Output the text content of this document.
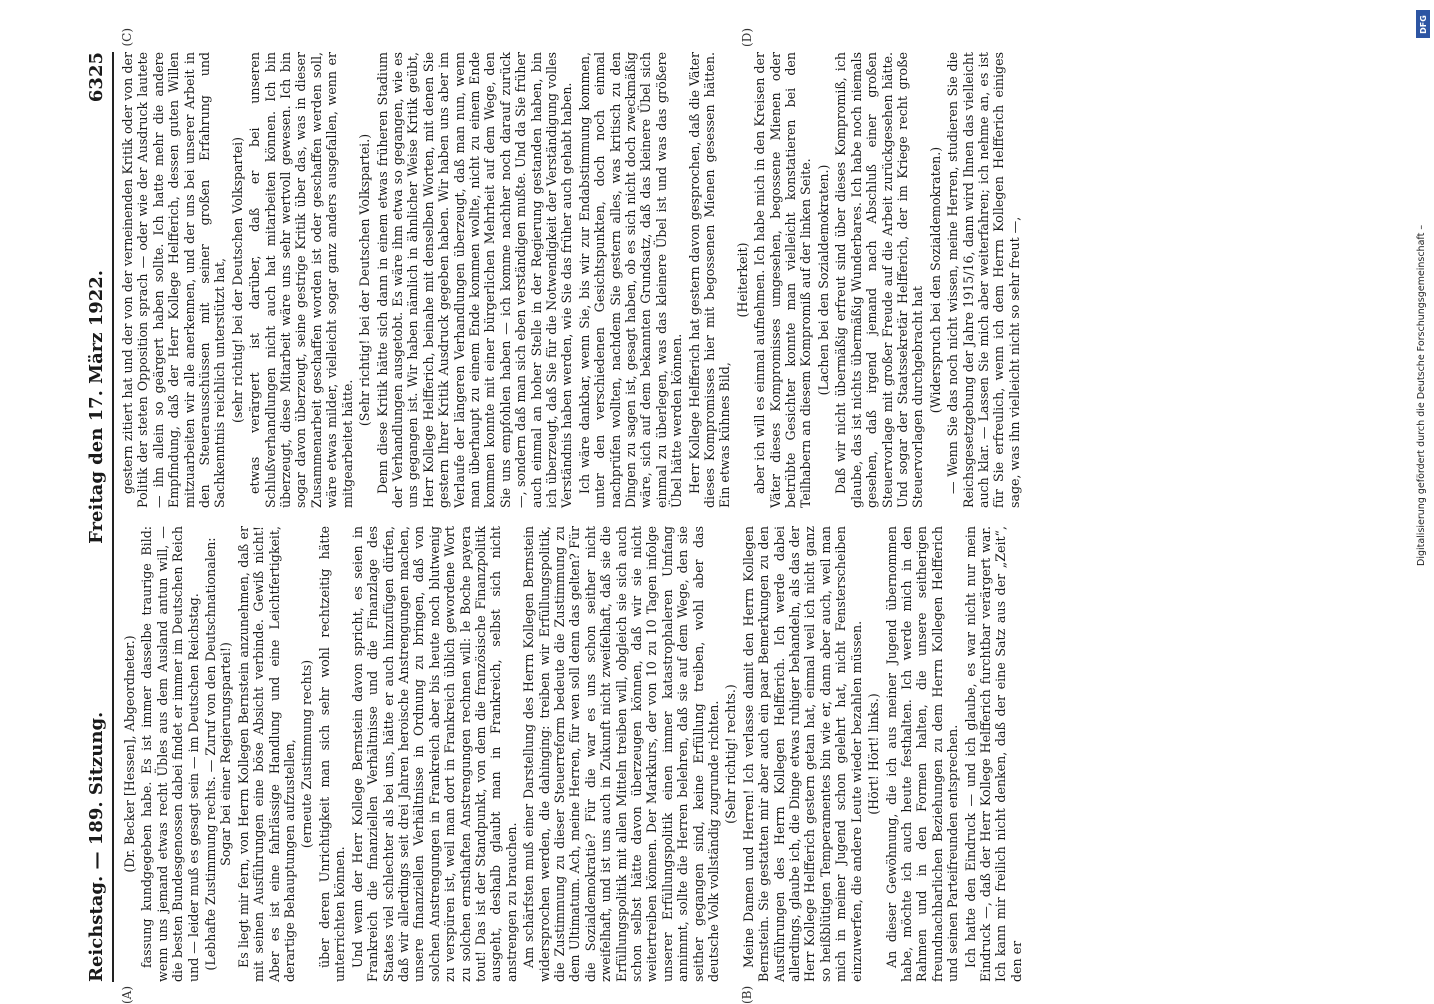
Reichstag. — 189. Sitzung.
Freitag den 17. März 1922.
6325
(A)	(B)

(Dr. Becker [Hessen], Abgeordneter.) fassung kundgegeben habe. Es ist immer dasselbe traurige Bild: wenn uns jemand etwas recht Übles aus dem Ausland antun will, — die besten Bundesgenossen dabei findet er immer im Deutschen Reich und — leider muß es gesagt sein — im Deutschen Reichstag. (Lebhafte Zustimmung rechts. — Zuruf von den Deutschnationalen: Sogar bei einer Regierungspartei!) Es liegt mir fern, von Herrn Kollegen Bernstein anzunehmen, daß er mit seinen Ausführungen eine böse Absicht verbinde. Gewiß nicht! Aber es ist eine fahrlässige Handlung und eine Leichtfertigkeit, derartige Behauptungen aufzustellen, (erneute Zustimmung rechts) über deren Unrichtigkeit man sich sehr wohl rechtzeitig hätte unterrichten können. Und wenn der Herr Kollege Bernstein davon spricht, es seien in Frankreich die finanziellen Verhältnisse und die Finanzlage des Staates viel schlechter als bei uns, hätte er auch hinzufügen dürfen, daß wir allerdings seit drei Jahren heroische Anstrengungen machen, unsere finanziellen Verhältnisse in Ordnung zu bringen, daß von solchen Anstrengungen in Frankreich aber bis heute noch blutwenig zu verspüren ist, weil man dort in Frankreich üblich gewordene Wort zu solchen ernsthaften Anstrengungen rechnen will: le Boche payera tout! Das ist der Standpunkt, von dem die französische Finanzpolitik ausgeht, deshalb glaubt man in Frankreich, selbst sich nicht anstrengen zu brauchen. Am schärfsten muß einer Darstellung des Herrn Kollegen Bernstein widersprochen werden, die dahinging: treiben wir Erfüllungspolitik, die Zustimmung zu dieser Steuerreform bedeute die Zustimmung zu dem Ultimatum. Ach, meine Herren, für wen soll denn das gelten? Für die Sozialdemokratie? Für die war es uns schon seither nicht zweifelhaft, und ist uns auch in Zukunft nicht zweifelhaft, daß sie die Erfüllungspolitik mit allen Mitteln treiben will, obgleich sie sich auch schon selbst hätte davon überzeugen können, daß wir sie nicht weitertreiben können. Der Markkurs, der von 10 zu 10 Tagen infolge unserer Erfüllungspolitik einen immer katastrophaleren Umfang annimmt, sollte die Herren belehren, daß sie auf dem Wege, den sie seither gegangen sind, keine Erfüllung treiben, wohl aber das deutsche Volk vollständig zugrunde richten. (Sehr richtig! rechts.) Meine Damen und Herren! Ich verlasse damit den Herrn Kollegen Bernstein. Sie gestatten mir aber auch ein paar Bemerkungen zu den Ausführungen des Herrn Kollegen Helfferich. Ich werde dabei allerdings, glaube ich, die Dinge etwas ruhiger behandeln, als das der Herr Kollege Helfferich gestern getan hat, einmal weil ich nicht ganz so heißblütigen Temperamentes bin wie er, dann aber auch, weil man mich in meiner Jugend schon gelehrt hat, nicht Fensterscheiben einzuwerfen, die andere Leute wieder bezahlen müssen. (Hört! Hört! links.) An dieser Gewöhnung, die ich aus meiner Jugend übernommen habe, möchte ich auch heute festhalten. Ich werde mich in den Rahmen und in den Formen halten, die unsere seitherigen freundnachbarlichen Beziehungen zu dem Herrn Kollegen Helfferich und seinen Parteifreunden entsprechen. Ich hatte den Eindruck — und ich glaube, es war nicht nur mein Eindruck —, daß der Herr Kollege Helfferich furchtbar verärgert war. Ich kann mir freilich nicht denken, daß der eine Satz aus der „Zeit“, den er

(C)	(D)

gestern zitiert hat und der von der verneinenden Kritik oder von der Politik der steten Opposition sprach — oder wie der Ausdruck lautete — ihn allein so geärgert haben sollte. Ich hatte mehr die andere Empfindung, daß der Herr Kollege Helfferich, dessen guten Willen mitzuarbeiten wir alle anerkennen, und der uns bei unserer Arbeit in den Steuerausschüssen mit seiner großen Erfahrung und Sachkenntnis reichlich unterstützt hat, (sehr richtig! bei der Deutschen Volkspartei) etwas verärgert ist darüber, daß er bei unseren Schlußverhandlungen nicht auch hat mitarbeiten können. Ich bin überzeugt, diese Mitarbeit wäre uns sehr wertvoll gewesen. Ich bin sogar davon überzeugt, seine gestrige Kritik über das, was in dieser Zusammenarbeit geschaffen worden ist oder geschaffen werden soll, wäre etwas milder, vielleicht sogar ganz anders ausgefallen, wenn er mitgearbeitet hätte.

(Sehr richtig! bei der Deutschen Volkspartei.) Denn diese Kritik hätte sich dann in einem etwas früheren Stadium der Verhandlungen ausgetobt. Es wäre ihm etwa so gegangen, wie es uns gegangen ist. Wir haben nämlich in ähnlicher Weise Kritik geübt, Herr Kollege Helfferich, beinahe mit denselben Worten, mit denen Sie gestern Ihrer Kritik Ausdruck gegeben haben. Wir haben uns aber im Verlaufe der längeren Verhandlungen überzeugt, daß man nun, wenn man überhaupt zu einem Ende kommen wollte, nicht zu einem Ende kommen konnte mit einer bürgerlichen Mehrheit auf dem Wege, den Sie uns empfohlen haben — ich komme nachher noch darauf zurück —, sondern daß man sich eben verständigen mußte. Und da Sie früher auch einmal an hoher Stelle in der Regierung gestanden haben, bin ich überzeugt, daß Sie für die Notwendigkeit der Verständigung volles Verständnis haben werden, wie Sie das früher auch gehabt haben. Ich wäre dankbar, wenn Sie, bis wir zur Endabstimmung kommen, unter den verschiedenen Gesichtspunkten, doch noch einmal nachprüfen wollten, nachdem Sie gestern alles, was kritisch zu den Dingen zu sagen ist, gesagt haben, ob es sich nicht doch zweckmäßig wäre, sich auf dem bekannten Grundsatz, daß das kleinere Übel sich einmal zu überlegen, was das kleinere Übel ist und was das größere Übel hätte werden können. Herr Kollege Helfferich hat gestern davon gesprochen, daß die Väter dieses Kompromisses hier mit begossenen Mienen gesessen hätten. Ein etwas kühnes Bild,

(Heiterkeit) aber ich will es einmal aufnehmen. Ich habe mich in den Kreisen der Väter dieses Kompromisses umgesehen, begossene Mienen oder betrübte Gesichter konnte man vielleicht konstatieren bei den Teilhabern an diesem Kompromiß auf der linken Seite. (Lachen bei den Sozialdemokraten.) Daß wir nicht übermäßig erfreut sind über dieses Kompromiß, ich glaube, das ist nichts übermäßig Wunderbares. Ich habe noch niemals gesehen, daß irgend jemand nach Abschluß einer großen Steuervorlage mit großer Freude auf die Arbeit zurückgesehen hätte. Und sogar der Staatssekretär Helfferich, der im Kriege recht große Steuervorlagen durchgebracht hat (Widerspruch bei den Sozialdemokraten.) — Wenn Sie das noch nicht wissen, meine Herren, studieren Sie die Reichsgesetzgebung der Jahre 1915/16, dann wird Ihnen das vielleicht auch klar. — Lassen Sie mich aber weiterfahren; ich nehme an, es ist für Sie erfreulich, wenn ich dem Herrn Kollegen Helfferich einiges sage, was ihn vielleicht nicht so sehr freut —,

DFG
Digitalisierung gefördert durch die Deutsche Forschungsgemeinschaft –
